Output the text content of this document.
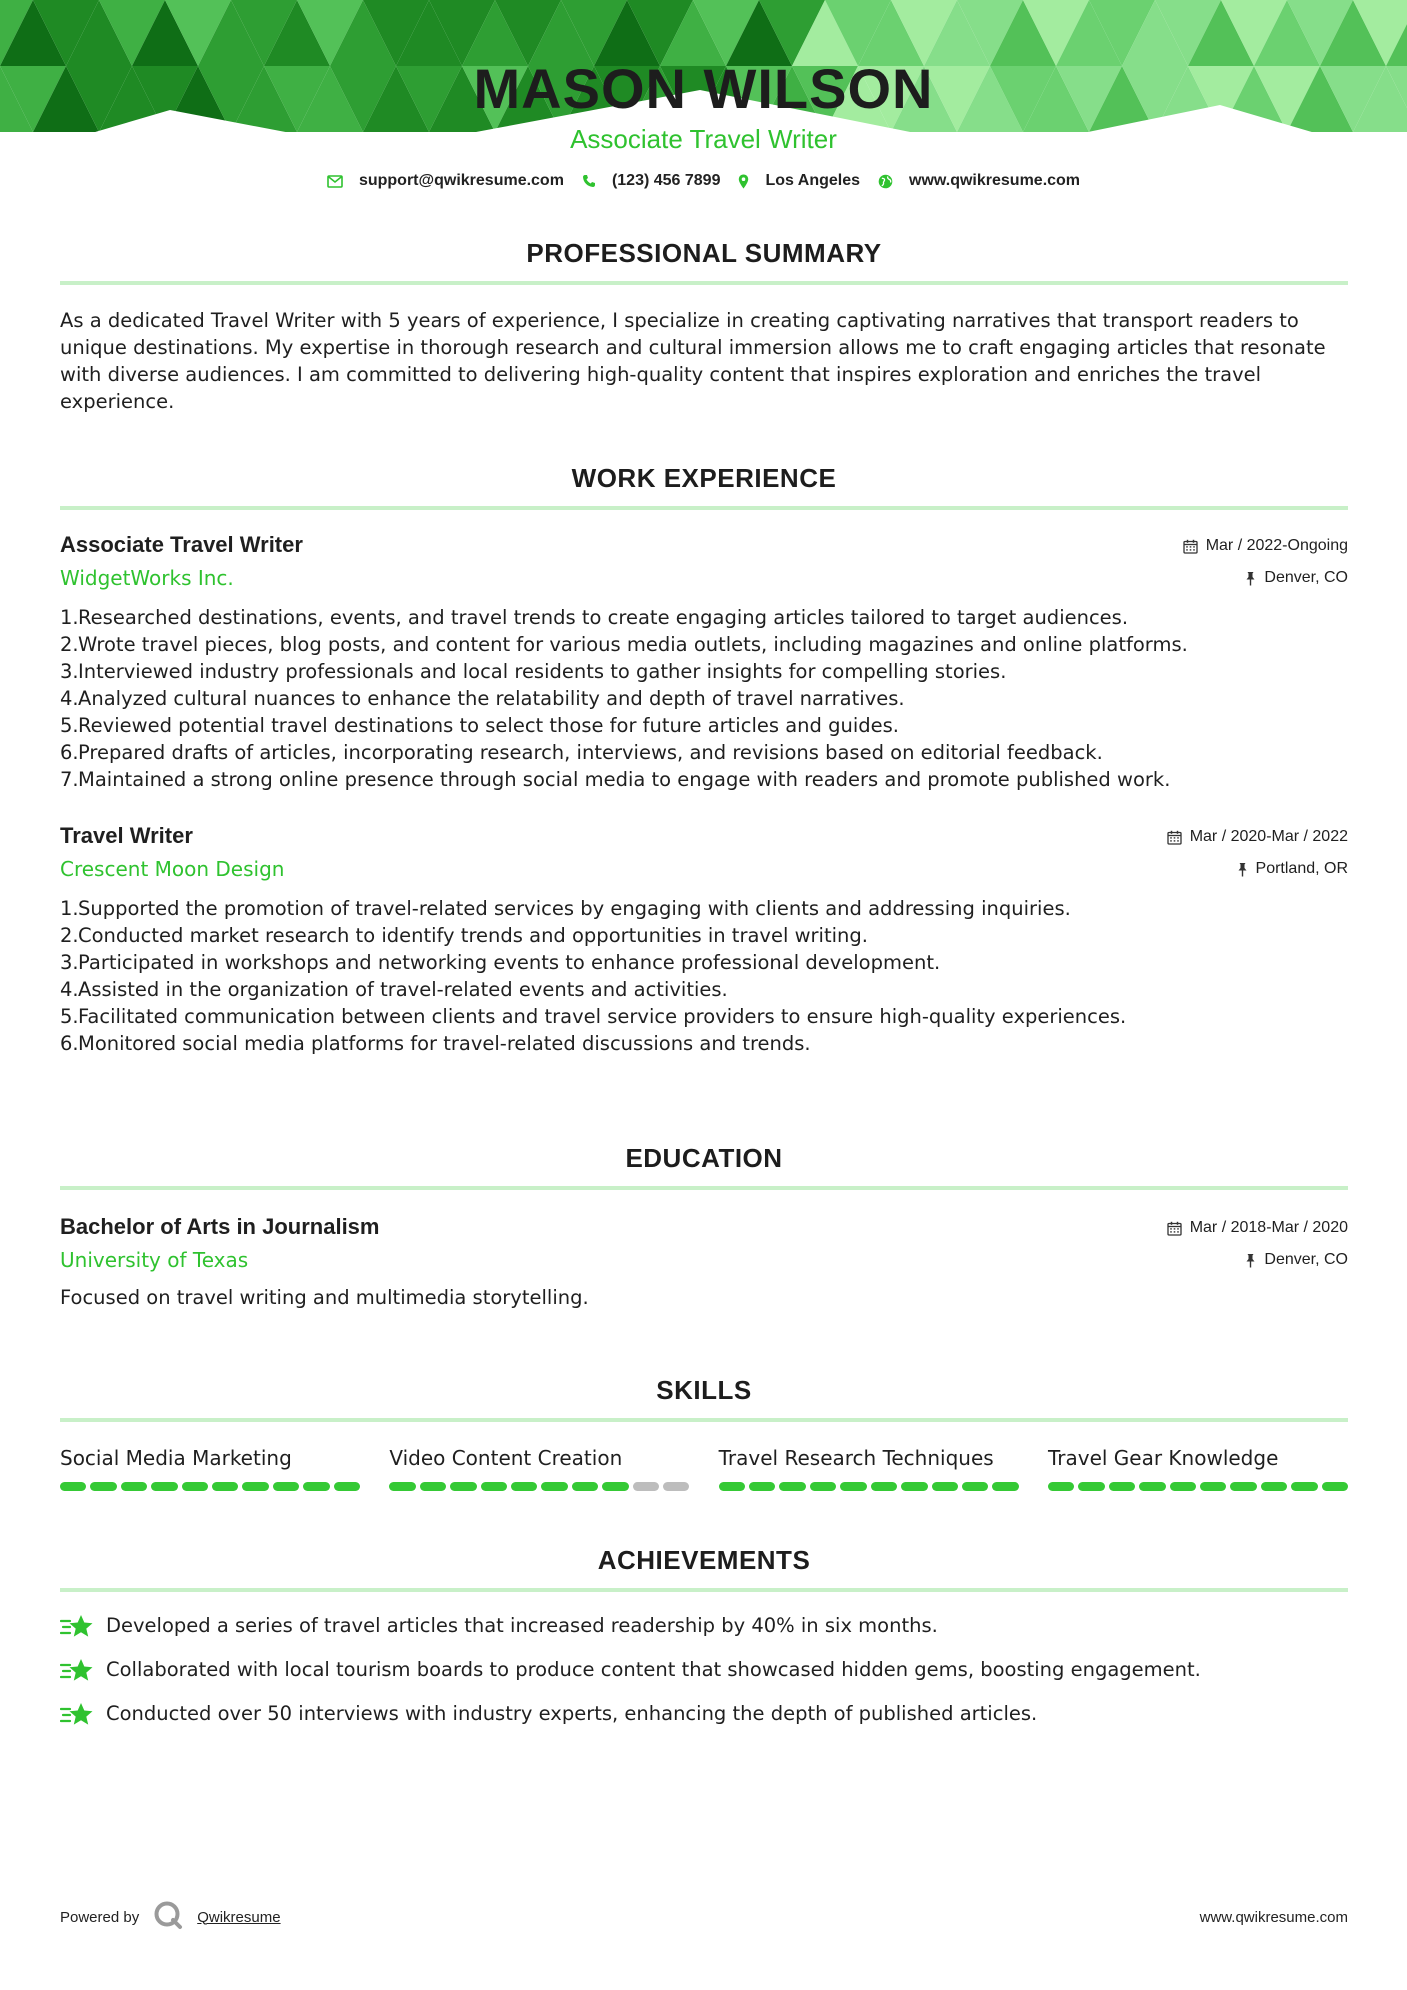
MASON WILSON
Associate Travel Writer
support@qwikresume.com	(123) 456 7899	Los Angeles	www.qwikresume.com
PROFESSIONAL SUMMARY

As a dedicated Travel Writer with 5 years of experience, I specialize in creating captivating narratives that transport readers to unique destinations. My expertise in thorough research and cultural immersion allows me to craft engaging articles that resonate with diverse audiences. I am committed to delivering high-quality content that inspires exploration and enriches the travel experience.

WORK EXPERIENCE
Associate Travel Writer
WidgetWorks Inc.
Mar / 2022-Ongoing
Denver, CO
1. Researched destinations, events, and travel trends to create engaging articles tailored to target audiences.
2. Wrote travel pieces, blog posts, and content for various media outlets, including magazines and online platforms.
3. Interviewed industry professionals and local residents to gather insights for compelling stories.
4. Analyzed cultural nuances to enhance the relatability and depth of travel narratives.
5. Reviewed potential travel destinations to select those for future articles and guides.
6. Prepared drafts of articles, incorporating research, interviews, and revisions based on editorial feedback.
7. Maintained a strong online presence through social media to engage with readers and promote published work.
Travel Writer
Crescent Moon Design
Mar / 2020-Mar / 2022
Portland, OR
1. Supported the promotion of travel-related services by engaging with clients and addressing inquiries.
2. Conducted market research to identify trends and opportunities in travel writing.
3. Participated in workshops and networking events to enhance professional development.
4. Assisted in the organization of travel-related events and activities.
5. Facilitated communication between clients and travel service providers to ensure high-quality experiences.
6. Monitored social media platforms for travel-related discussions and trends.
EDUCATION
Bachelor of Arts in Journalism
University of Texas
Mar / 2018-Mar / 2020
Denver, CO

Focused on travel writing and multimedia storytelling.

SKILLS
Social Media Marketing	Video Content Creation	Travel Research Techniques	Travel Gear Knowledge
ACHIEVEMENTS
Developed a series of travel articles that increased readership by 40% in six months.
Collaborated with local tourism boards to produce content that showcased hidden gems, boosting engagement.
Conducted over 50 interviews with industry experts, enhancing the depth of published articles.
Powered by	Qwikresume	www.qwikresume.com
